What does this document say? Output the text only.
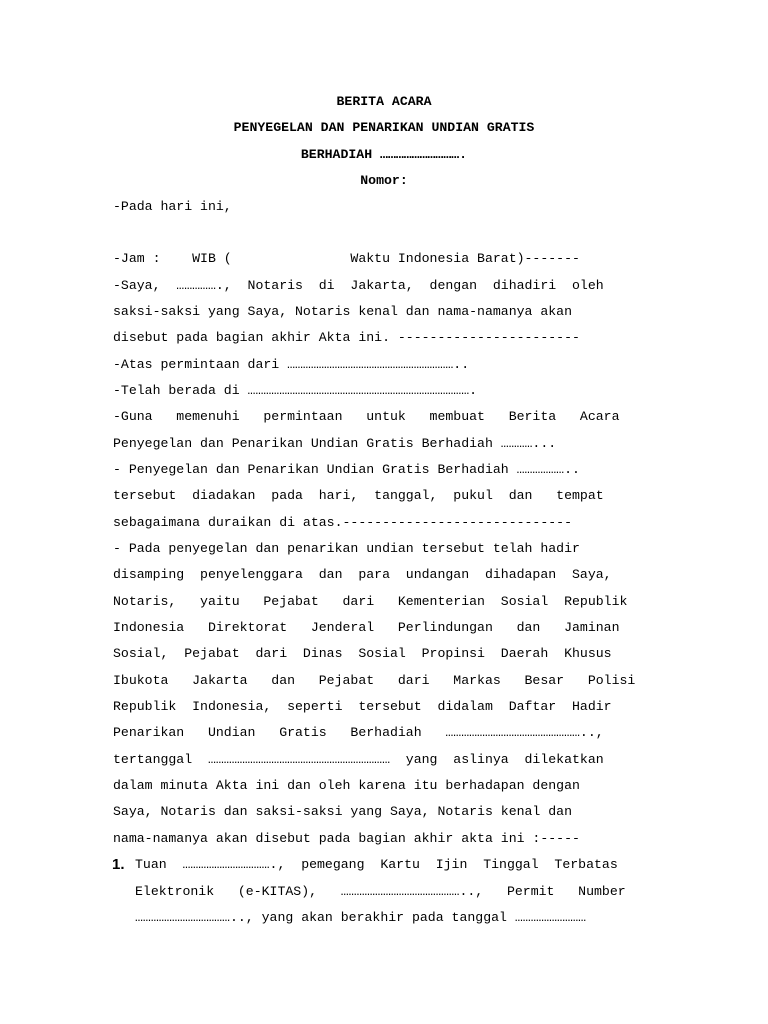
BERITA ACARA
PENYEGELAN DAN PENARIKAN UNDIAN GRATIS
BERHADIAH ………………………….
Nomor:
-Pada hari ini,
-Jam :    WIB (               Waktu Indonesia Barat)-------
-Saya,  …………….,  Notaris  di  Jakarta,  dengan  dihadiri  oleh
saksi-saksi yang Saya, Notaris kenal dan nama-namanya akan
disebut pada bagian akhir Akta ini. -----------------------
-Atas permintaan dari ………………………………………………………..
-Telah berada di ………………………………………………………………………….
-Guna   memenuhi   permintaan   untuk   membuat   Berita   Acara
Penyegelan dan Penarikan Undian Gratis Berhadiah …………...
- Penyegelan dan Penarikan Undian Gratis Berhadiah ………………..
tersebut  diadakan  pada  hari,  tanggal,  pukul  dan   tempat
sebagaimana duraikan di atas.-----------------------------
- Pada penyegelan dan penarikan undian tersebut telah hadir
disamping  penyelenggara  dan  para  undangan  dihadapan  Saya,
Notaris,   yaitu   Pejabat   dari   Kementerian  Sosial  Republik
Indonesia   Direktorat   Jenderal   Perlindungan   dan   Jaminan
Sosial,  Pejabat  dari  Dinas  Sosial  Propinsi  Daerah  Khusus
Ibukota   Jakarta   dan   Pejabat   dari   Markas   Besar   Polisi
Republik  Indonesia,  seperti  tersebut  didalam  Daftar  Hadir
Penarikan   Undian   Gratis   Berhadiah   ……………………………………………..,
tertanggal  ……………………………………………………………  yang  aslinya  dilekatkan
dalam minuta Akta ini dan oleh karena itu berhadapan dengan
Saya, Notaris dan saksi-saksi yang Saya, Notaris kenal dan
nama-namanya akan disebut pada bagian akhir akta ini :-----
1. Tuan  …………………………….,  pemegang  Kartu  Ijin  Tinggal  Terbatas
Elektronik   (e-KITAS),   ………………………………………..,   Permit   Number
……………………………….., yang akan berakhir pada tanggal ………………………
